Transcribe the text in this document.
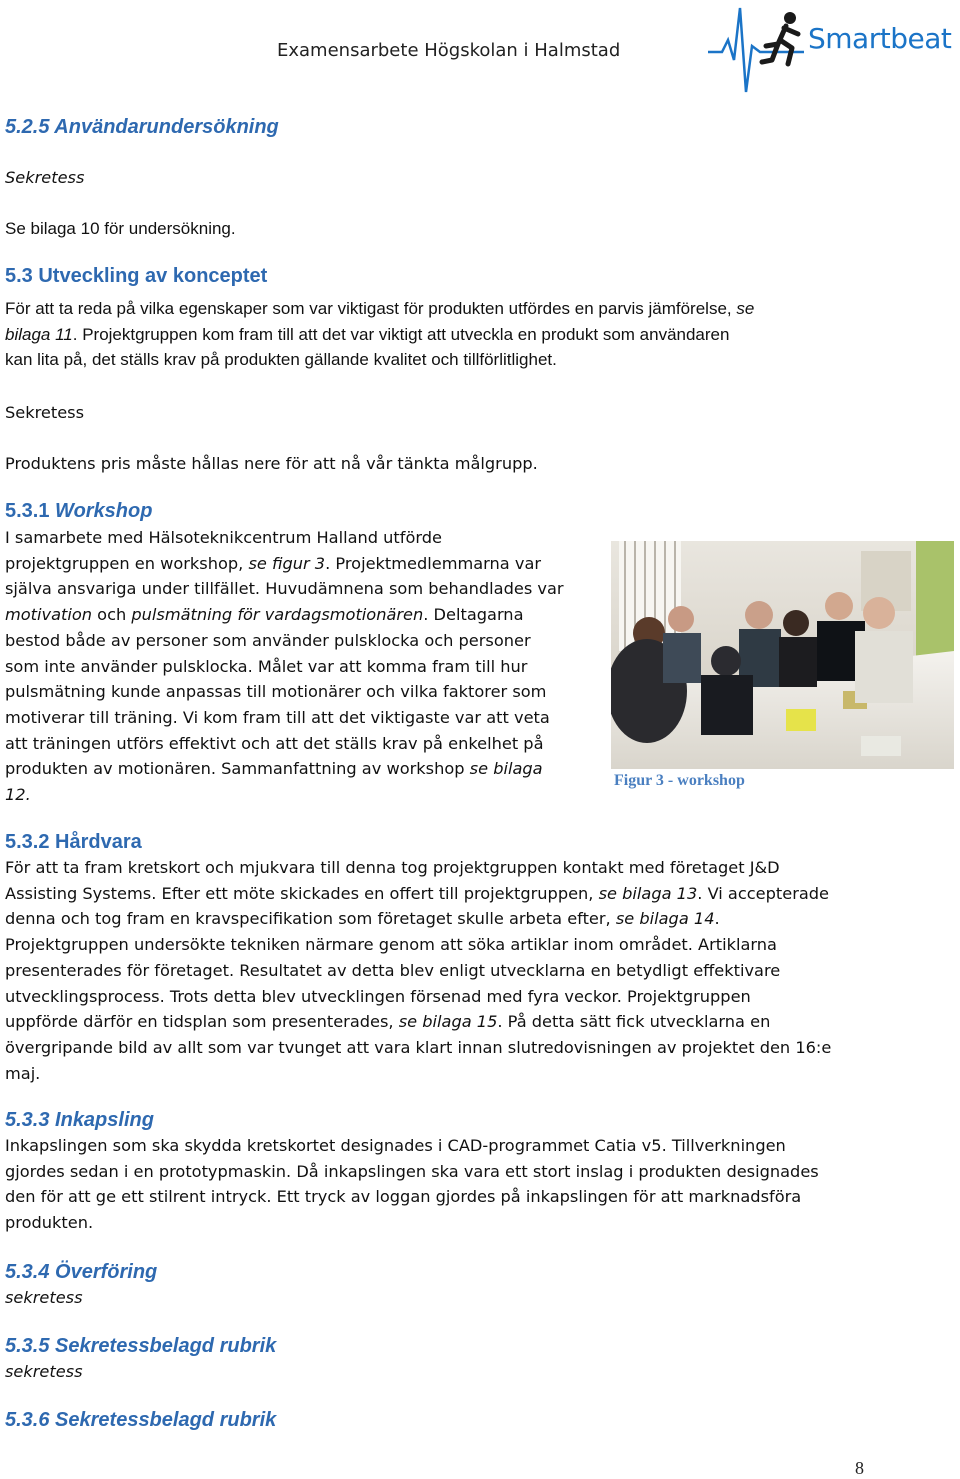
Examensarbete Högskolan i Halmstad	Smartbeat
5.2.5 Användarundersökning
Sekretess
Se bilaga 10 för undersökning.
5.3 Utveckling av konceptet
För att ta reda på vilka egenskaper som var viktigast för produkten utfördes en parvis jämförelse, se
bilaga 11. Projektgruppen kom fram till att det var viktigt att utveckla en produkt som användaren
kan lita på, det ställs krav på produkten gällande kvalitet och tillförlitlighet.
Sekretess
Produktens pris måste hållas nere för att nå vår tänkta målgrupp.
5.3.1 Workshop
I samarbete med Hälsoteknikcentrum Halland utförde
projektgruppen en workshop, se figur 3. Projektmedlemmarna var
själva ansvariga under tillfället. Huvudämnena som behandlades var
motivation och pulsmätning för vardagsmotionären. Deltagarna
bestod både av personer som använder pulsklocka och personer
som inte använder pulsklocka. Målet var att komma fram till hur
pulsmätning kunde anpassas till motionärer och vilka faktorer som
motiverar till träning. Vi kom fram till att det viktigaste var att veta
att träningen utförs effektivt och att det ställs krav på enkelhet på
produkten av motionären. Sammanfattning av workshop se bilaga
12.
Figur 3 - workshop
5.3.2 Hårdvara
För att ta fram kretskort och mjukvara till denna tog projektgruppen kontakt med företaget J&D
Assisting Systems. Efter ett möte skickades en offert till projektgruppen, se bilaga 13. Vi accepterade
denna och tog fram en kravspecifikation som företaget skulle arbeta efter, se bilaga 14.
Projektgruppen undersökte tekniken närmare genom att söka artiklar inom området. Artiklarna
presenterades för företaget. Resultatet av detta blev enligt utvecklarna en betydligt effektivare
utvecklingsprocess. Trots detta blev utvecklingen försenad med fyra veckor. Projektgruppen
uppförde därför en tidsplan som presenterades, se bilaga 15. På detta sätt fick utvecklarna en
övergripande bild av allt som var tvunget att vara klart innan slutredovisningen av projektet den 16:e
maj.
5.3.3 Inkapsling
Inkapslingen som ska skydda kretskortet designades i CAD-programmet Catia v5. Tillverkningen
gjordes sedan i en prototypmaskin. Då inkapslingen ska vara ett stort inslag i produkten designades
den för att ge ett stilrent intryck. Ett tryck av loggan gjordes på inkapslingen för att marknadsföra
produkten.
5.3.4 Överföring
sekretess
5.3.5 Sekretessbelagd rubrik
sekretess
5.3.6 Sekretessbelagd rubrik
8
